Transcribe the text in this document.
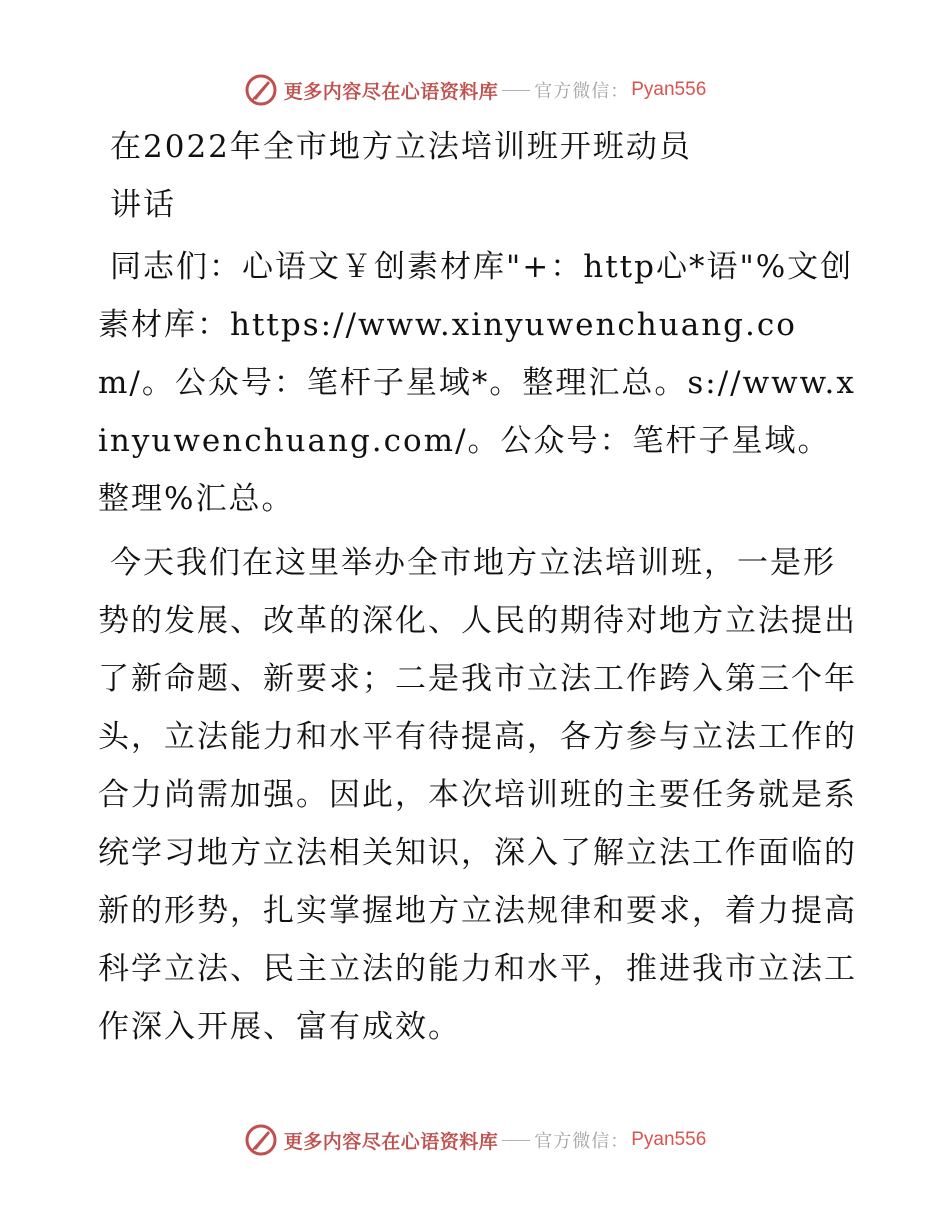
更多内容尽在心语资料库 官方微信： Pyan556

在2022年全市地方立法培训班开班动员

讲话

同志们：心语文￥创素材库"+：http心*语"%文创素材库：https://www.xinyuwenchuang.com/。公众号：笔杆子星域*。整理汇总。s://www.xinyuwenchuang.com/。公众号：笔杆子星域。整理%汇总。

今天我们在这里举办全市地方立法培训班，一是形势的发展、改革的深化、人民的期待对地方立法提出了新命题、新要求；二是我市立法工作跨入第三个年头，立法能力和水平有待提高，各方参与立法工作的合力尚需加强。因此，本次培训班的主要任务就是系统学习地方立法相关知识，深入了解立法工作面临的新的形势，扎实掌握地方立法规律和要求，着力提高科学立法、民主立法的能力和水平，推进我市立法工作深入开展、富有成效。

更多内容尽在心语资料库 官方微信： Pyan556
